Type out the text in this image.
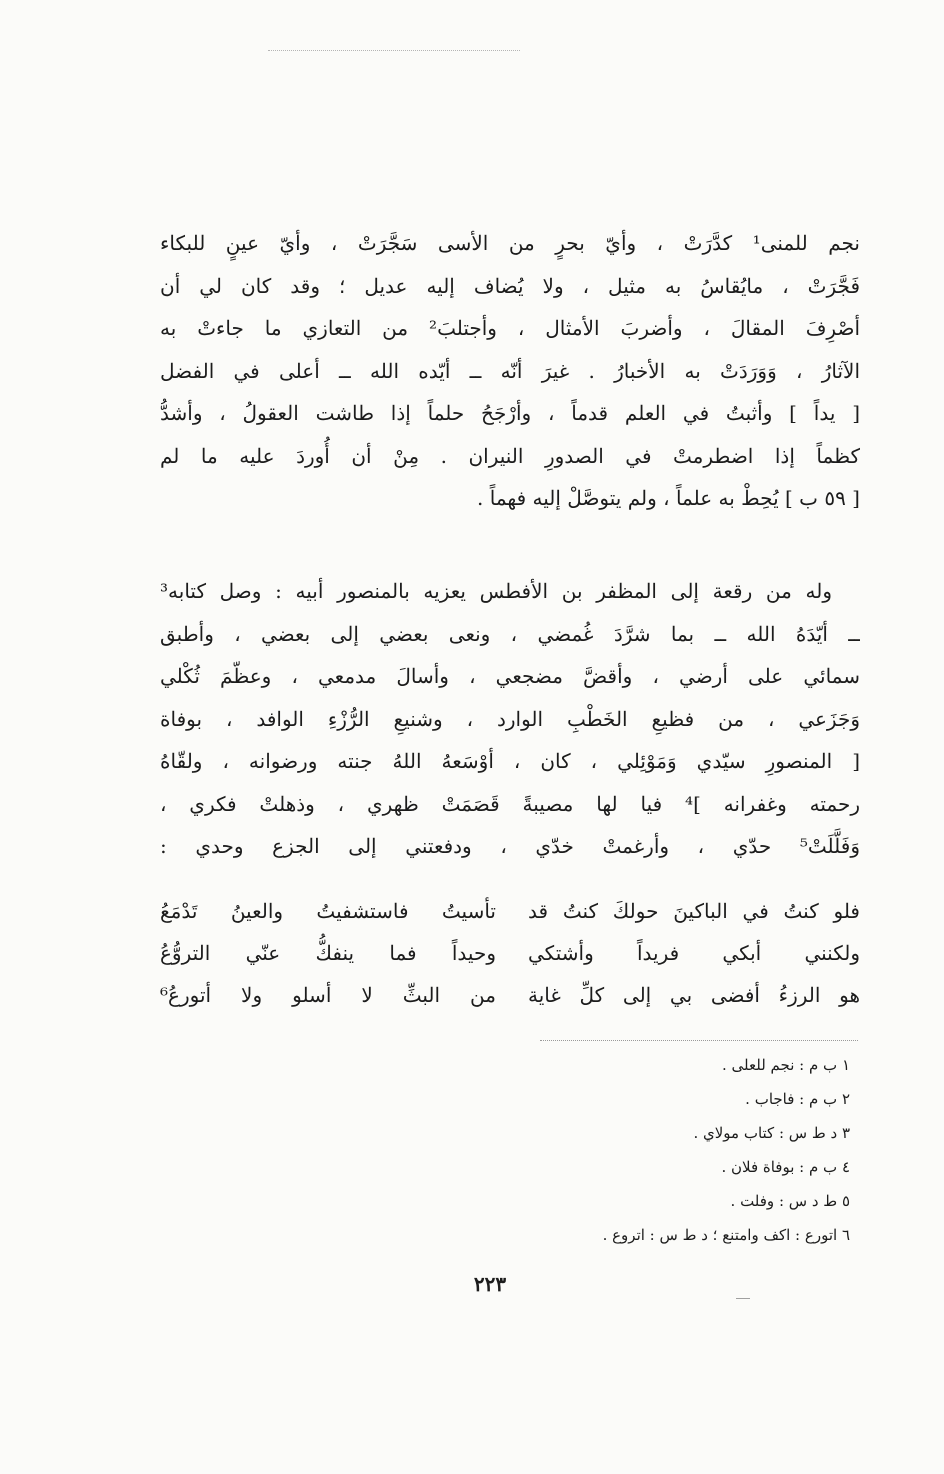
نجم للمنى¹ كدَّرَتْ ، وأيّ بحرٍ من الأسى سَجَّرَتْ ، وأيّ عينٍ للبكاء
فَجَّرَتْ ، مايُقاسُ به مثيل ، ولا يُضاف إليه عديل ؛ وقد كان لي أن
أصْرِفَ المقالَ ، وأضربَ الأمثال ، وأجتلبَ² من التعازي ما جاءتْ به
الآثارُ ، وَوَرَدَتْ به الأخبارُ . غيرَ أنّه ــ أيّده الله ــ أعلى في الفضل
[ يداً ] وأثبتُ في العلم قدماً ، وأرْجَحُ حلماً إذا طاشت العقولُ ، وأشدُّ
كظماً إذا اضطرمتْ في الصدورِ النيران . مِنْ أن أُوردَ عليه ما لم
[ ٥٩ ب ] يُحِطْ به علماً ، ولم يتوصَّلْ إليه فهماً .
وله من رقعة إلى المظفر بن الأفطس يعزيه بالمنصور أبيه : وصل كتابه³
ــ أيّدَهُ الله ــ بما شرَّدَ غُمضي ، ونعى بعضي إلى بعضي ، وأطبق
سمائي على أرضي ، وأقضَّ مضجعي ، وأسالَ مدمعي ، وعظّمَ ثُكْلي
وَجَزَعي ، من فظيعِ الخَطْبِ الوارد ، وشنيعِ الرُّزْءِ الوافد ، بوفاة
[ المنصورِ سيّدي وَمَوْئِلي ، كان ، أوْسَعهُ اللهُ جنته ورضوانه ، ولقّاهُ
رحمته وغفرانه ]⁴ فيا لها مصيبةً قَصَمَتْ ظهري ، وذهلتْ فكري ،
وَفَلَّلَتْ⁵ حدّي ، وأرغمتْ خدّي ، ودفعتني إلى الجزع وحدي :
فلو كنتُ في الباكينَ حولكَ كنتُ قد
تأسيتُ فاستشفيتُ والعينُ تَدْمَعُ
ولكنني أبكي فريداً وأشتكي
وحيداً فما ينفكُّ عنّي التروُّعُ
هو الرزءُ أفضى بي إلى كلِّ غاية
من البثِّ لا أسلو ولا أتورعُ⁶
١ ب م : نجم للعلى .
٢ ب م : فاجاب .
٣ د ط س : كتاب مولاي .
٤ ب م : بوفاة فلان .
٥ ط د س : وفلت .
٦ اتورع : اكف وامتنع ؛ د ط س : اتروع .
٢٢٣
